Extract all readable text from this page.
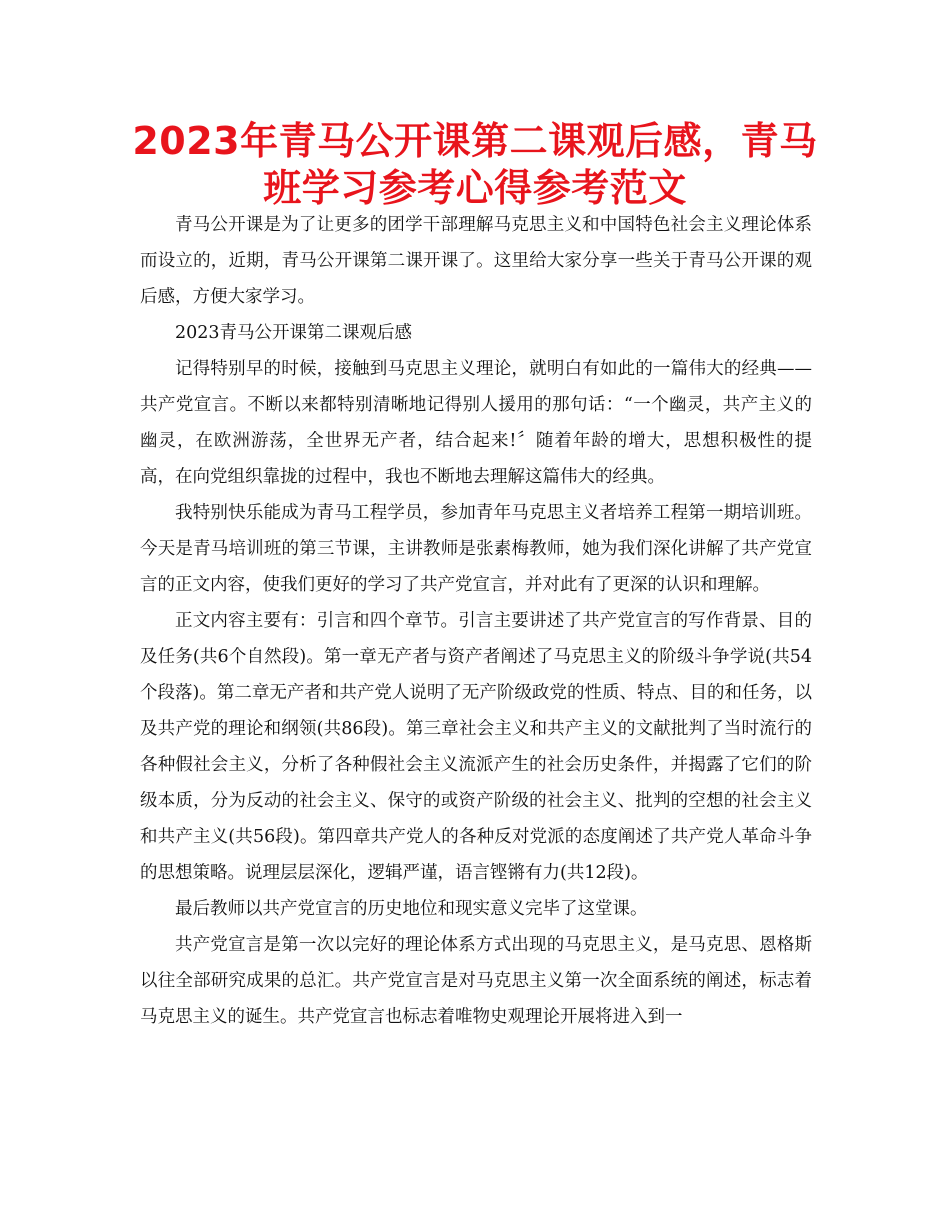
2023年青马公开课第二课观后感，青马班学习参考心得参考范文

青马公开课是为了让更多的团学干部理解马克思主义和中国特色社会主义理论体系而设立的，近期，青马公开课第二课开课了。这里给大家分享一些关于青马公开课的观后感，方便大家学习。

2023青马公开课第二课观后感

记得特别早的时候，接触到马克思主义理论，就明白有如此的一篇伟大的经典——共产党宣言。不断以来都特别清晰地记得别人援用的那句话：“一个幽灵，共产主义的幽灵，在欧洲游荡，全世界无产者，结合起来!〞随着年龄的增大，思想积极性的提高，在向党组织靠拢的过程中，我也不断地去理解这篇伟大的经典。

我特别快乐能成为青马工程学员，参加青年马克思主义者培养工程第一期培训班。今天是青马培训班的第三节课，主讲教师是张素梅教师，她为我们深化讲解了共产党宣言的正文内容，使我们更好的学习了共产党宣言，并对此有了更深的认识和理解。

正文内容主要有：引言和四个章节。引言主要讲述了共产党宣言的写作背景、目的及任务(共6个自然段)。第一章无产者与资产者阐述了马克思主义的阶级斗争学说(共54个段落)。第二章无产者和共产党人说明了无产阶级政党的性质、特点、目的和任务，以及共产党的理论和纲领(共86段)。第三章社会主义和共产主义的文献批判了当时流行的各种假社会主义，分析了各种假社会主义流派产生的社会历史条件，并揭露了它们的阶级本质，分为反动的社会主义、保守的或资产阶级的社会主义、批判的空想的社会主义和共产主义(共56段)。第四章共产党人的各种反对党派的态度阐述了共产党人革命斗争的思想策略。说理层层深化，逻辑严谨，语言铿锵有力(共12段)。

最后教师以共产党宣言的历史地位和现实意义完毕了这堂课。

共产党宣言是第一次以完好的理论体系方式出现的马克思主义，是马克思、恩格斯以往全部研究成果的总汇。共产党宣言是对马克思主义第一次全面系统的阐述，标志着马克思主义的诞生。共产党宣言也标志着唯物史观理论开展将进入到一
